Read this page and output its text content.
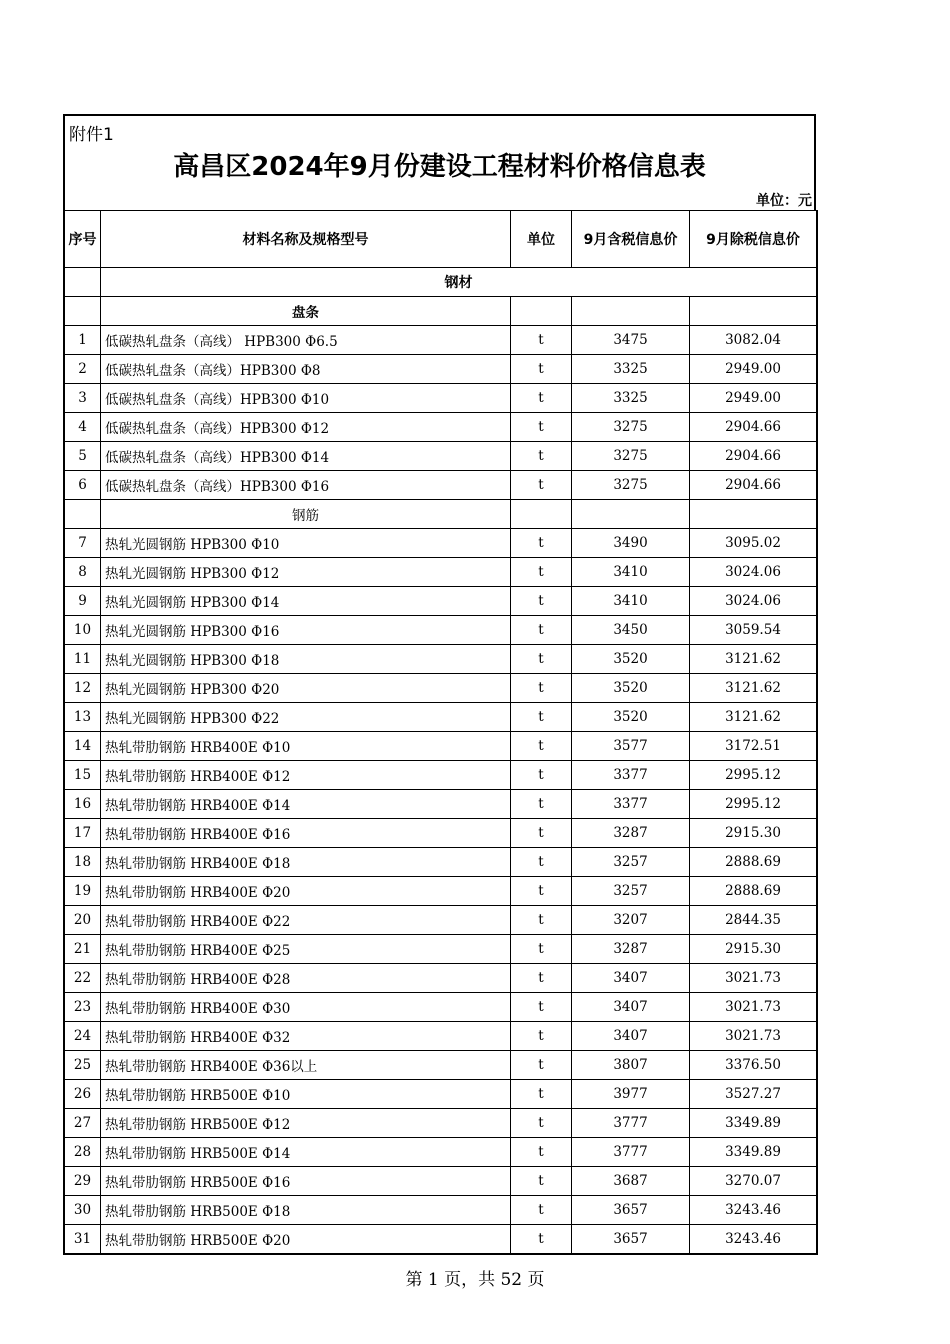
附件1
高昌区2024年9月份建设工程材料价格信息表
单位：元
序号	材料名称及规格型号	单位	9月含税信息价	9月除税信息价
	钢材			
	盘条			
1	低碳热轧盘条（高线） HPB300 Φ6.5	t	3475	3082.04
2	低碳热轧盘条（高线）HPB300 Φ8	t	3325	2949.00
3	低碳热轧盘条（高线）HPB300 Φ10	t	3325	2949.00
4	低碳热轧盘条（高线）HPB300 Φ12	t	3275	2904.66
5	低碳热轧盘条（高线）HPB300 Φ14	t	3275	2904.66
6	低碳热轧盘条（高线）HPB300 Φ16	t	3275	2904.66
	钢筋			
7	热轧光圆钢筋 HPB300 Φ10	t	3490	3095.02
8	热轧光圆钢筋 HPB300 Φ12	t	3410	3024.06
9	热轧光圆钢筋 HPB300 Φ14	t	3410	3024.06
10	热轧光圆钢筋 HPB300 Φ16	t	3450	3059.54
11	热轧光圆钢筋 HPB300 Φ18	t	3520	3121.62
12	热轧光圆钢筋 HPB300 Φ20	t	3520	3121.62
13	热轧光圆钢筋 HPB300 Φ22	t	3520	3121.62
14	热轧带肋钢筋 HRB400E Φ10	t	3577	3172.51
15	热轧带肋钢筋 HRB400E Φ12	t	3377	2995.12
16	热轧带肋钢筋 HRB400E Φ14	t	3377	2995.12
17	热轧带肋钢筋 HRB400E Φ16	t	3287	2915.30
18	热轧带肋钢筋 HRB400E Φ18	t	3257	2888.69
19	热轧带肋钢筋 HRB400E Φ20	t	3257	2888.69
20	热轧带肋钢筋 HRB400E Φ22	t	3207	2844.35
21	热轧带肋钢筋 HRB400E Φ25	t	3287	2915.30
22	热轧带肋钢筋 HRB400E Φ28	t	3407	3021.73
23	热轧带肋钢筋 HRB400E Φ30	t	3407	3021.73
24	热轧带肋钢筋 HRB400E Φ32	t	3407	3021.73
25	热轧带肋钢筋 HRB400E Φ36以上	t	3807	3376.50
26	热轧带肋钢筋 HRB500E Φ10	t	3977	3527.27
27	热轧带肋钢筋 HRB500E Φ12	t	3777	3349.89
28	热轧带肋钢筋 HRB500E Φ14	t	3777	3349.89
29	热轧带肋钢筋 HRB500E Φ16	t	3687	3270.07
30	热轧带肋钢筋 HRB500E Φ18	t	3657	3243.46
31	热轧带肋钢筋 HRB500E Φ20	t	3657	3243.46
第 1 页，共 52 页
